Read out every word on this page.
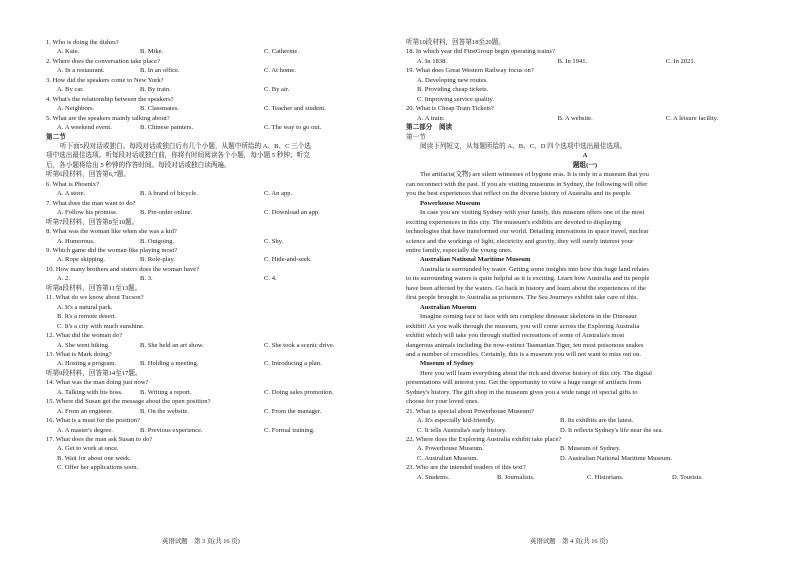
1. Who is doing the dishes?
A. Kate.	B. Mike.	C. Catherine.
2. Where does the conversation take place?
A. In a restaurant.	B. In an office.	C. At home.
3. How did the speakers come to New York?
A. By car.	B. By train.	C. By air.
4. What's the relationship between the speakers?
A. Neighbors.	B. Classmates.	C. Teacher and student.
5. What are the speakers mainly talking about?
A. A weekend event.	B. Chinese painters.	C. The way to go out.
第二节
听下面5段对话或独白。每段对话或独白后有几个小题，从题中所给的 A、B、C 三个选
项中选出最佳选项。听每段对话或独白前，你将有时间阅读各个小题，每小题 5 秒钟；听完
后，各小题将给出 5 秒钟的作答时间。每段对话或独白读两遍。
听第6段材料，回答第6,7题。
6. What is Phoenix?
A. A store.	B. A brand of bicycle.	C. An app.
7. What does the man want to do?
A. Follow his promise.	B. Pre-order online.	C. Download an app.
听第7段材料，回答第8至10题。
8. What was the woman like when she was a kid?
A. Humorous.	B. Outgoing.	C. Shy.
9. Which game did the woman like playing most?
A. Rope skipping.	B. Role-play.	C. Hide-and-seek.
10. How many brothers and sisters does the woman have?
A. 2.	B. 3.	C. 4.
听第8段材料，回答第11至13题。
11. What do we know about Tucson?
A. It's a natural park.
B. It's a remote desert.
C. It's a city with much sunshine.
12. What did the woman do?
A. She went hiking.	B. She held an art show.	C. She took a scenic drive.
13. What is Mark doing?
A. Hosting a program.	B. Holding a meeting.	C. Introducing a plan.
听第9段材料，回答第14至17题。
14. What was the man doing just now?
A. Talking with his boss.	B. Writing a report.	C. Doing sales promotion.
15. Where did Susan get the message about the open position?
A. From an engineer.	B. On the website.	C. From the manager.
16. What is a must for the position?
A. A master's degree.	B. Previous experience.	C. Formal training.
17. What does the man ask Susan to do?
A. Get to work at once.
B. Wait for about one week.
C. Offer her applications soon.
听第10段材料，回答第18至20题。
18. In which year did FirstGroup begin operating trains?
A. In 1838.	B. In 1941.	C. In 2021.
19. What does Great Western Railway focus on?
A. Developing new routes.
B. Providing cheap tickets.
C. Improving service quality.
20. What is Cheap Train Tickets?
A. A train.	B. A website.	C. A leisure facility.
第二部分　阅读
第一节
阅读下列短文，从每题所给的 A、B、C、D 四个选项中选出最佳选项。
A
题组(一)
The artifacts(文物) are silent witnesses of bygone eras. It is only in a museum that you
can reconnect with the past. If you are visiting museums in Sydney, the following will offer
you the best experiences that reflect on the diverse history of Australia and its people.
Powerhouse Museum
In case you are visiting Sydney with your family, this museum offers one of the most
exciting experiences in this city. The museum's exhibits are devoted to displaying
technologies that have transformed our world. Detailing innovations in space travel, nuclear
science and the workings of light, electricity and gravity, they will surely interest your
entire family, especially the young ones.
Australian National Maritime Museum
Australia is surrounded by water. Getting some insights into how this huge land relates
to its surrounding waters is quite helpful as it is exciting. Learn how Australia and its people
have been affected by the waters. Go back in history and learn about the experiences of the
first people brought to Australia as prisoners. The Sea Journeys exhibit take care of this.
Australian Museum
Imagine coming face to face with ten complete dinosaur skeletons in the Dinosaur
exhibit! As you walk through the museum, you will come across the Exploring Australia
exhibit which will take you through stuffed recreations of some of Australia's most
dangerous animals including the now-extinct Tasmanian Tiger, ten most poisonous snakes
and a number of crocodiles. Certainly, this is a museum you will not want to miss out on.
Museum of Sydney
Here you will learn everything about the rich and diverse history of this city. The digital
presentations will interest you. Get the opportunity to view a huge range of artifacts from
Sydney's history. The gift shop in the museum gives you a wide range of special gifts to
choose for your loved ones.
21. What is special about Powerhouse Museum?
A. It's especially kid-friendly.	B. Its exhibits are the latest.
C. It tells Australia's early history.	D. It reflects Sydney's life near the sea.
22. Where does the Exploring Australia exhibit take place?
A. Powerhouse Museum.	B. Museum of Sydney.
C. Australian Museum.	D. Australian National Maritime Museum.
23. Who are the intended readers of this text?
A. Students.	B. Journalists.	C. Historians.	D. Tourists.
英语试题　第 3 页(共 16 页)	英语试题　第 4 页(共 16 页)
